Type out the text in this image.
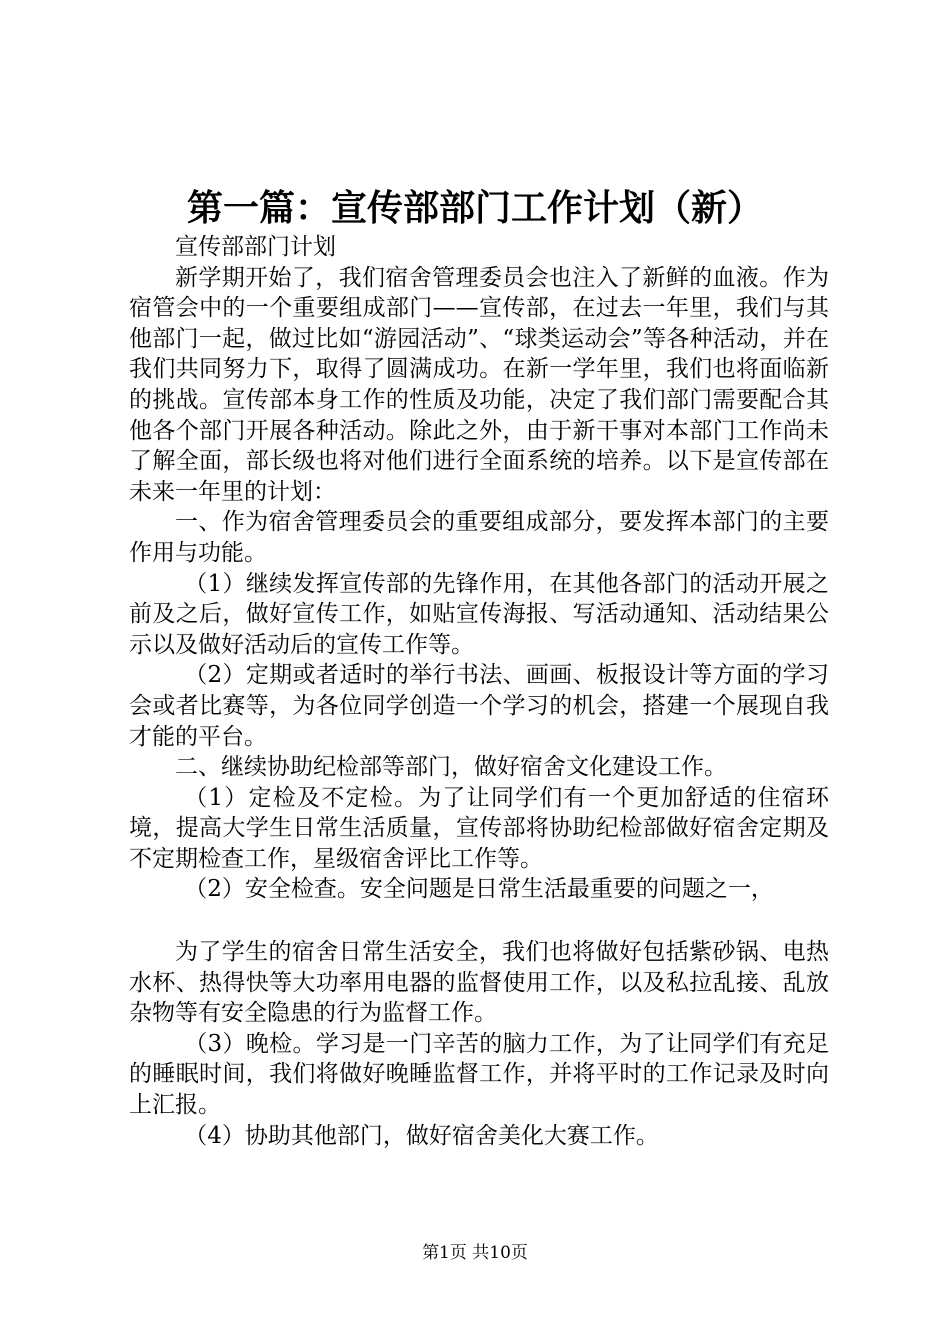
第一篇：宣传部部门工作计划（新）

宣传部部门计划

新学期开始了，我们宿舍管理委员会也注入了新鲜的血液。作为宿管会中的一个重要组成部门——宣传部，在过去一年里，我们与其他部门一起，做过比如“游园活动”、“球类运动会”等各种活动，并在我们共同努力下，取得了圆满成功。在新一学年里，我们也将面临新的挑战。宣传部本身工作的性质及功能，决定了我们部门需要配合其他各个部门开展各种活动。除此之外，由于新干事对本部门工作尚未了解全面，部长级也将对他们进行全面系统的培养。以下是宣传部在未来一年里的计划：

一、作为宿舍管理委员会的重要组成部分，要发挥本部门的主要作用与功能。

（1）继续发挥宣传部的先锋作用，在其他各部门的活动开展之前及之后，做好宣传工作，如贴宣传海报、写活动通知、活动结果公示以及做好活动后的宣传工作等。

（2）定期或者适时的举行书法、画画、板报设计等方面的学习会或者比赛等，为各位同学创造一个学习的机会，搭建一个展现自我才能的平台。

二、继续协助纪检部等部门，做好宿舍文化建设工作。

（1）定检及不定检。为了让同学们有一个更加舒适的住宿环境，提高大学生日常生活质量，宣传部将协助纪检部做好宿舍定期及不定期检查工作，星级宿舍评比工作等。

（2）安全检查。安全问题是日常生活最重要的问题之一，

为了学生的宿舍日常生活安全，我们也将做好包括紫砂锅、电热水杯、热得快等大功率用电器的监督使用工作，以及私拉乱接、乱放杂物等有安全隐患的行为监督工作。

（3）晚检。学习是一门辛苦的脑力工作，为了让同学们有充足的睡眠时间，我们将做好晚睡监督工作，并将平时的工作记录及时向上汇报。

（4）协助其他部门，做好宿舍美化大赛工作。

第1页 共10页
